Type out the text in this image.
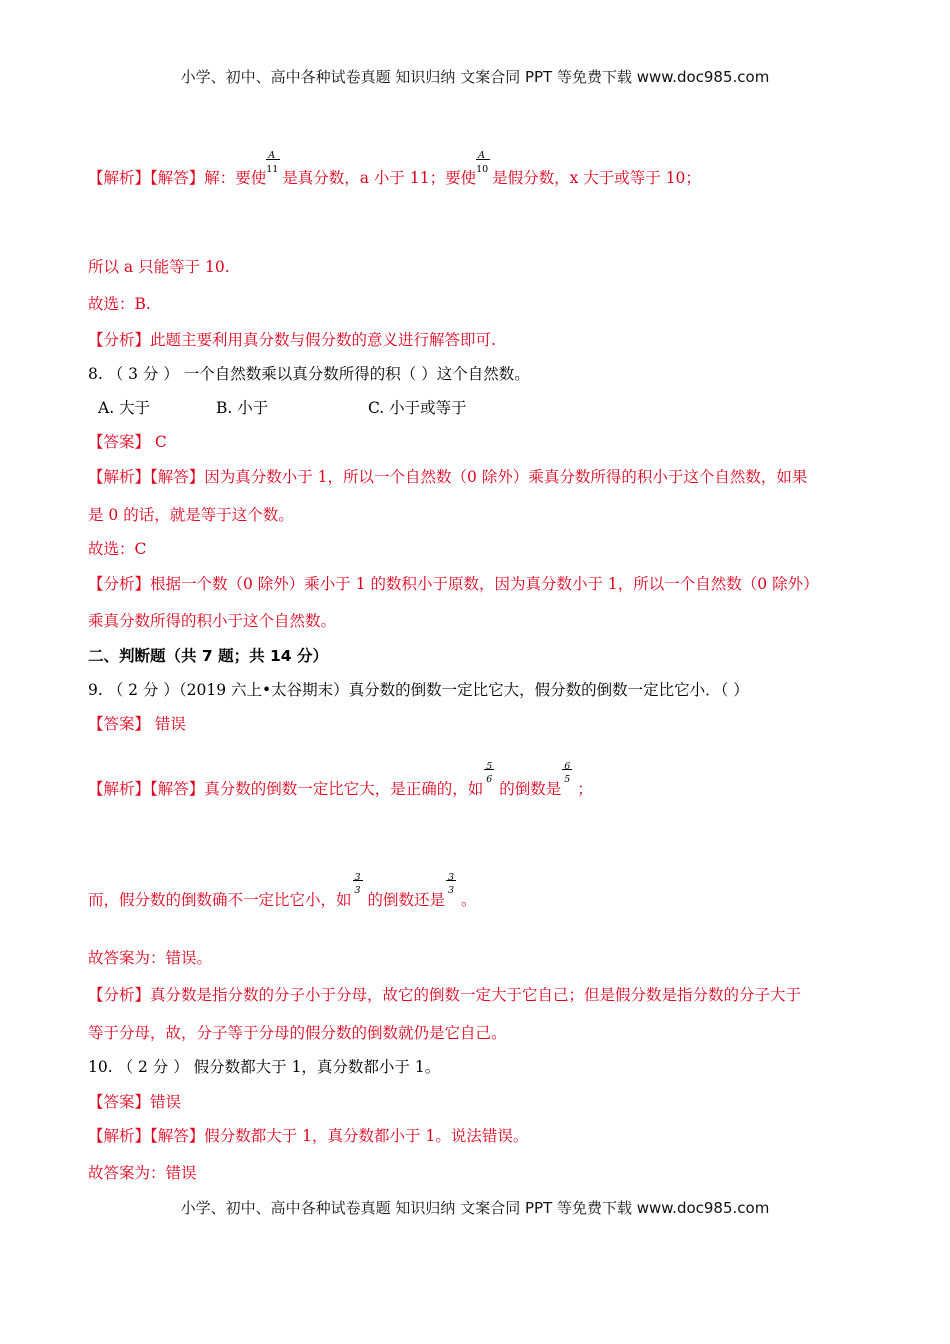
小学、初中、高中各种试卷真题 知识归纳 文案合同 PPT 等免费下载 www.doc985.com
【解析】【解答】解：要使
A
11 是真分数，a 小于 11；要使
A
10 是假分数，x 大于或等于 10；
所以 a 只能等于 10.
故选：B.
【分析】此题主要利用真分数与假分数的意义进行解答即可.
8. （ 3 分 ） 一个自然数乘以真分数所得的积（ ）这个自然数。
A. 大于	B. 小于	C. 小于或等于
【答案】 C
【解析】【解答】因为真分数小于 1，所以一个自然数（0 除外）乘真分数所得的积小于这个自然数，如果
是 0 的话，就是等于这个数。
故选：C
【分析】根据一个数（0 除外）乘小于 1 的数积小于原数，因为真分数小于 1，所以一个自然数（0 除外）
乘真分数所得的积小于这个自然数。
二、判断题（共 7 题；共 14 分）
9. （ 2 分 ）（2019 六上•太谷期末）真分数的倒数一定比它大，假分数的倒数一定比它小．（ ）
【答案】 错误
【解析】【解答】真分数的倒数一定比它大，是正确的，如
5
6
的倒数是
6
5
；
而，假分数的倒数确不一定比它小，如
3
3
的倒数还是
3
3
。
故答案为：错误。
【分析】真分数是指分数的分子小于分母，故它的倒数一定大于它自己；但是假分数是指分数的分子大于
等于分母，故，分子等于分母的假分数的倒数就仍是它自己。
10. （ 2 分 ） 假分数都大于 1，真分数都小于 1。
【答案】错误
【解析】【解答】假分数都大于 1，真分数都小于 1。说法错误。
故答案为：错误
小学、初中、高中各种试卷真题 知识归纳 文案合同 PPT 等免费下载 www.doc985.com
